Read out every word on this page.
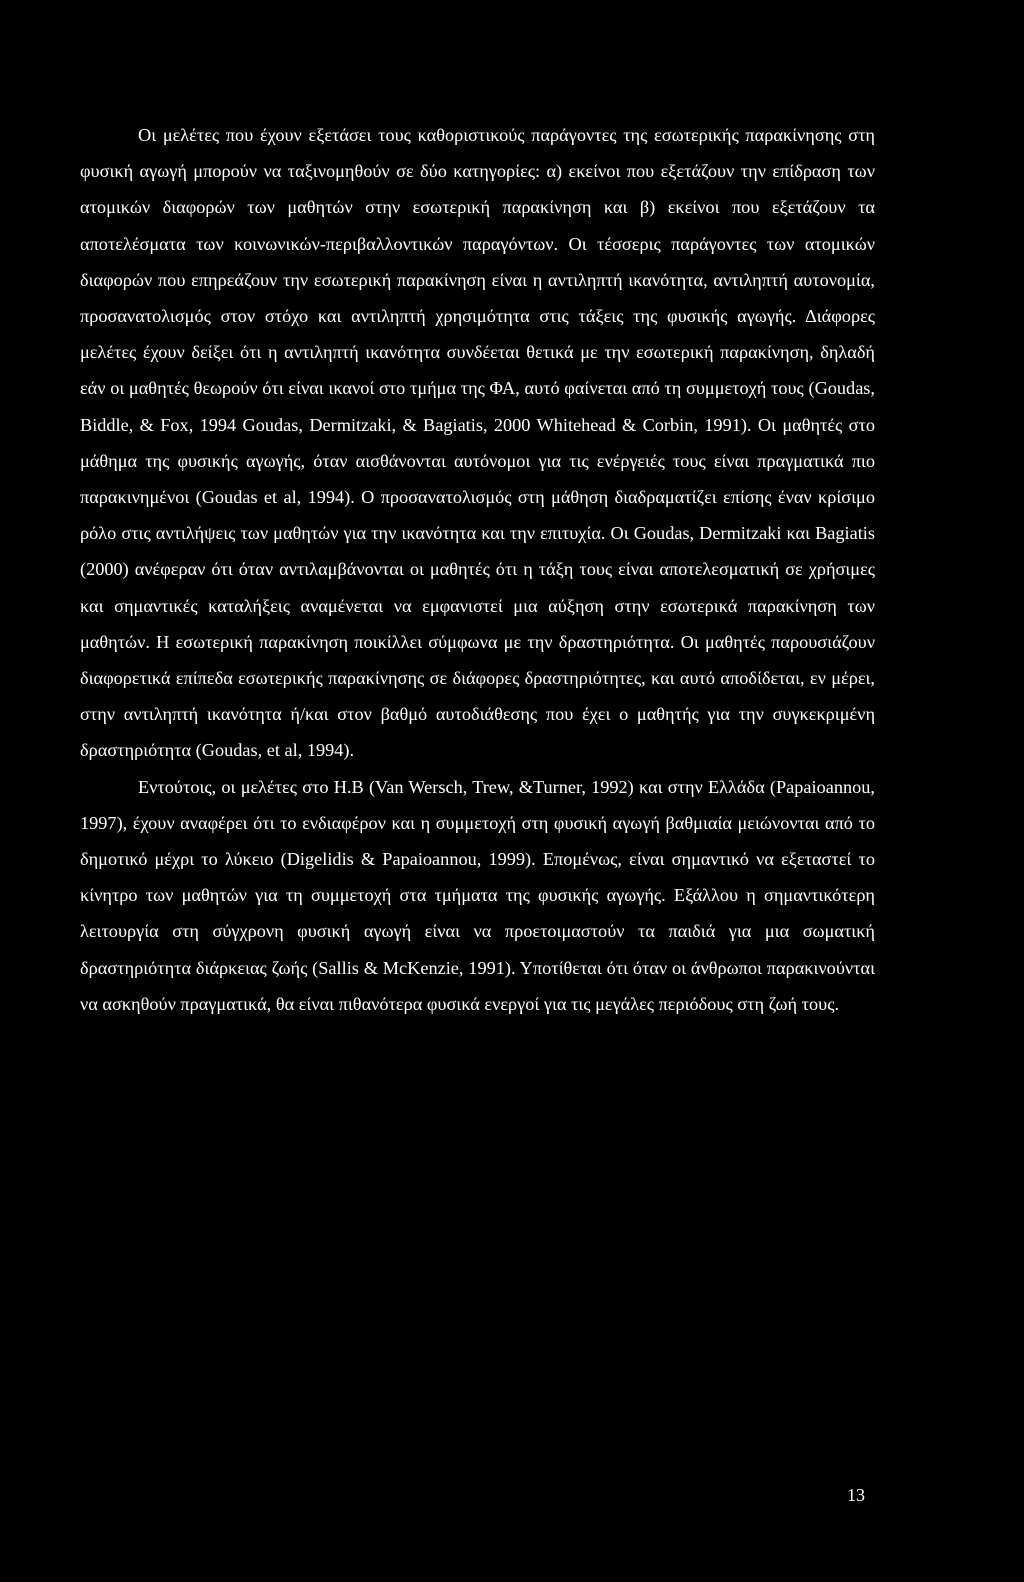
Οι μελέτες που έχουν εξετάσει τους καθοριστικούς παράγοντες της εσωτερικής παρακίνησης στη φυσική αγωγή μπορούν να ταξινομηθούν σε δύο κατηγορίες: α) εκείνοι που εξετάζουν την επίδραση των ατομικών διαφορών των μαθητών στην εσωτερική παρακίνηση και β) εκείνοι που εξετάζουν τα αποτελέσματα των κοινωνικών-περιβαλλοντικών παραγόντων. Οι τέσσερις παράγοντες των ατομικών διαφορών που επηρεάζουν την εσωτερική παρακίνηση είναι η αντιληπτή ικανότητα, αντιληπτή αυτονομία, προσανατολισμός στον στόχο και αντιληπτή χρησιμότητα στις τάξεις της φυσικής αγωγής. Διάφορες μελέτες έχουν δείξει ότι η αντιληπτή ικανότητα συνδέεται θετικά με την εσωτερική παρακίνηση, δηλαδή εάν οι μαθητές θεωρούν ότι είναι ικανοί στο τμήμα της ΦΑ, αυτό φαίνεται από τη συμμετοχή τους (Goudas, Biddle, & Fox, 1994 Goudas, Dermitzaki, & Bagiatis, 2000 Whitehead & Corbin, 1991). Οι μαθητές στο μάθημα της φυσικής αγωγής, όταν αισθάνονται αυτόνομοι για τις ενέργειές τους είναι πραγματικά πιο παρακινημένοι (Goudas et al, 1994). Ο προσανατολισμός στη μάθηση διαδραματίζει επίσης έναν κρίσιμο ρόλο στις αντιλήψεις των μαθητών για την ικανότητα και την επιτυχία. Οι Goudas, Dermitzaki και Bagiatis (2000) ανέφεραν ότι όταν αντιλαμβάνονται οι μαθητές ότι η τάξη τους είναι αποτελεσματική σε χρήσιμες και σημαντικές καταλήξεις αναμένεται να εμφανιστεί μια αύξηση στην εσωτερικά παρακίνηση των μαθητών. Η εσωτερική παρακίνηση ποικίλλει σύμφωνα με την δραστηριότητα. Οι μαθητές παρουσιάζουν διαφορετικά επίπεδα εσωτερικής παρακίνησης σε διάφορες δραστηριότητες, και αυτό αποδίδεται, εν μέρει, στην αντιληπτή ικανότητα ή/και στον βαθμό αυτοδιάθεσης που έχει ο μαθητής για την συγκεκριμένη δραστηριότητα (Goudas, et al, 1994).

Εντούτοις, οι μελέτες στο Η.Β (Van Wersch, Trew, &Turner, 1992) και στην Ελλάδα (Papaioannou, 1997), έχουν αναφέρει ότι το ενδιαφέρον και η συμμετοχή στη φυσική αγωγή βαθμιαία μειώνονται από το δημοτικό μέχρι το λύκειο (Digelidis & Papaioannou, 1999). Επομένως, είναι σημαντικό να εξεταστεί το κίνητρο των μαθητών για τη συμμετοχή στα τμήματα της φυσικής αγωγής. Εξάλλου η σημαντικότερη λειτουργία στη σύγχρονη φυσική αγωγή είναι να προετοιμαστούν τα παιδιά για μια σωματική δραστηριότητα διάρκειας ζωής (Sallis & McKenzie, 1991). Υποτίθεται ότι όταν οι άνθρωποι παρακινούνται να ασκηθούν πραγματικά, θα είναι πιθανότερα φυσικά ενεργοί για τις μεγάλες περιόδους στη ζωή τους.

13
